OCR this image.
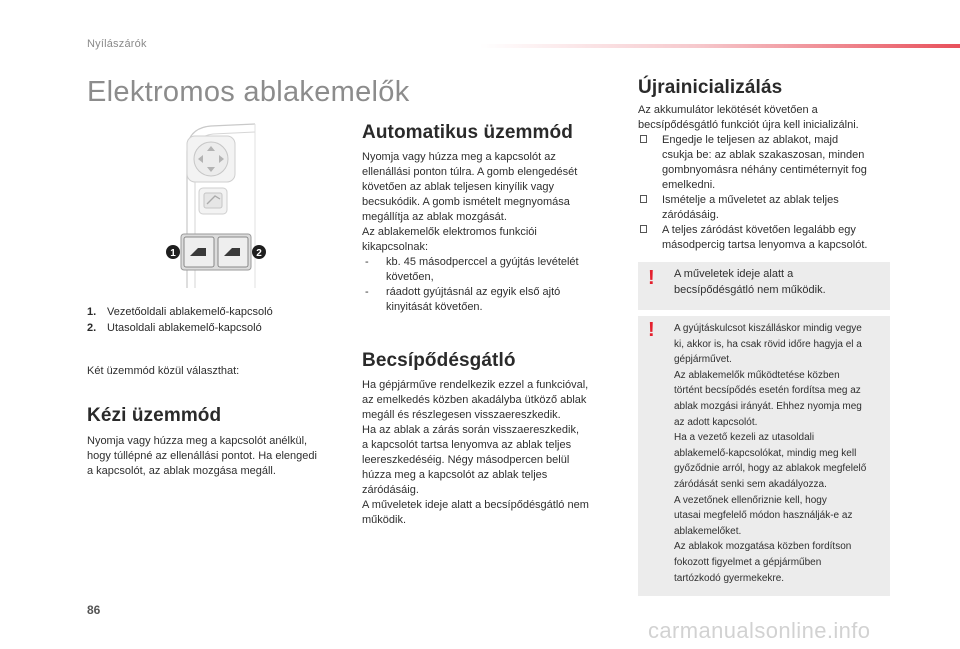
Nyílászárók
Elektromos ablakemelők
1	2
1. Vezetőoldali ablakemelő-kapcsoló
2. Utasoldali ablakemelő-kapcsoló
Két üzemmód közül választhat:
Kézi üzemmód
Nyomja vagy húzza meg a kapcsolót anélkül,
hogy túllépné az ellenállási pontot. Ha elengedi
a kapcsolót, az ablak mozgása megáll.
Automatikus üzemmód
Nyomja vagy húzza meg a kapcsolót az
ellenállási ponton túlra. A gomb elengedését
követően az ablak teljesen kinyílik vagy
becsukódik. A gomb ismételt megnyomása
megállítja az ablak mozgását.
Az ablakemelők elektromos funkciói
kikapcsolnak:
- kb. 45 másodperccel a gyújtás levételét
követően,
- ráadott gyújtásnál az egyik első ajtó
kinyitását követően.
Becsípődésgátló
Ha gépjárműve rendelkezik ezzel a funkcióval,
az emelkedés közben akadályba ütköző ablak
megáll és részlegesen visszaereszkedik.
Ha az ablak a zárás során visszaereszkedik,
a kapcsolót tartsa lenyomva az ablak teljes
leereszkedéséig. Négy másodpercen belül
húzza meg a kapcsolót az ablak teljes
záródásáig.
A műveletek ideje alatt a becsípődésgátló nem
működik.
Újrainicializálás
Az akkumulátor lekötését követően a
becsípődésgátló funkciót újra kell inicializálni.
Engedje le teljesen az ablakot, majd
csukja be: az ablak szakaszosan, minden
gombnyomásra néhány centiméternyit fog
emelkedni.
Ismételje a műveletet az ablak teljes
záródásáig.
A teljes záródást követően legalább egy
másodpercig tartsa lenyomva a kapcsolót.
! A műveletek ideje alatt a
becsípődésgátló nem működik.
! A gyújtáskulcsot kiszálláskor mindig vegye
ki, akkor is, ha csak rövid időre hagyja el a
gépjárművet.
Az ablakemelők működtetése közben
történt becsípődés esetén fordítsa meg az
ablak mozgási irányát. Ehhez nyomja meg
az adott kapcsolót.
Ha a vezető kezeli az utasoldali
ablakemelő-kapcsolókat, mindig meg kell
győződnie arról, hogy az ablakok megfelelő
záródását senki sem akadályozza.
A vezetőnek ellenőriznie kell, hogy
utasai megfelelő módon használják-e az
ablakemelőket.
Az ablakok mozgatása közben fordítson
fokozott figyelmet a gépjárműben
tartózkodó gyermekekre.
86
carmanualsonline.info
